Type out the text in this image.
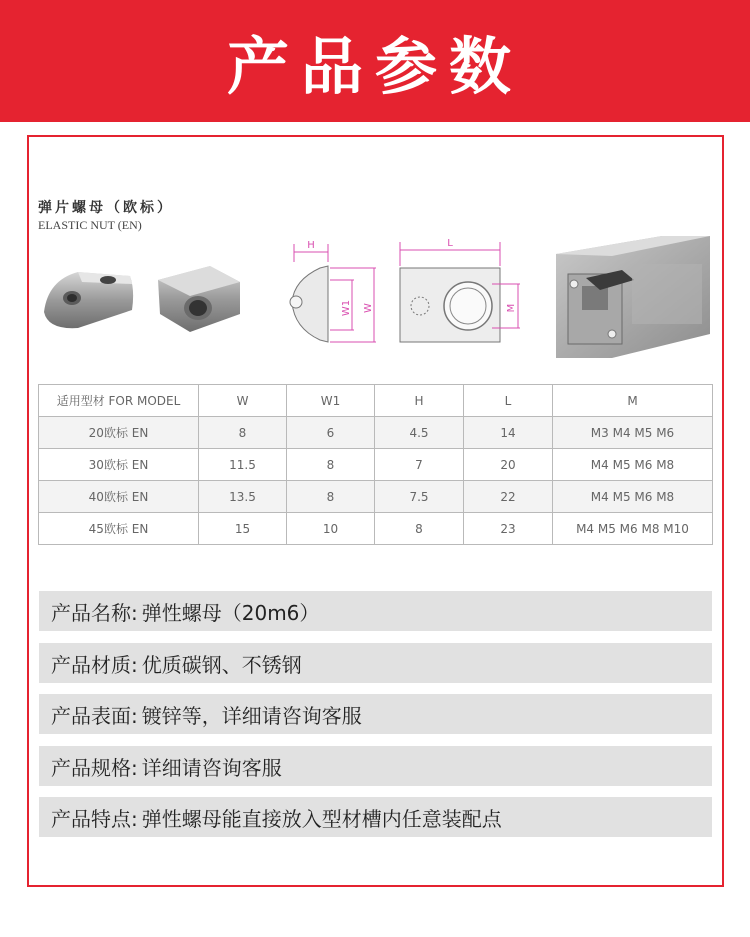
产品参数
弹片螺母（欧标）
ELASTIC NUT (EN)
H
W1 W
L
M
适用型材 FOR MODEL	W	W1	H	L	M
20欧标 EN	8	6	4.5	14	M3 M4 M5 M6
30欧标 EN	11.5	8	7	20	M4 M5 M6 M8
40欧标 EN	13.5	8	7.5	22	M4 M5 M6 M8
45欧标 EN	15	10	8	23	M4 M5 M6 M8 M10
产品名称: 弹性螺母（20m6）
产品材质: 优质碳钢、不锈钢
产品表面: 镀锌等，详细请咨询客服
产品规格: 详细请咨询客服
产品特点: 弹性螺母能直接放入型材槽内任意装配点
